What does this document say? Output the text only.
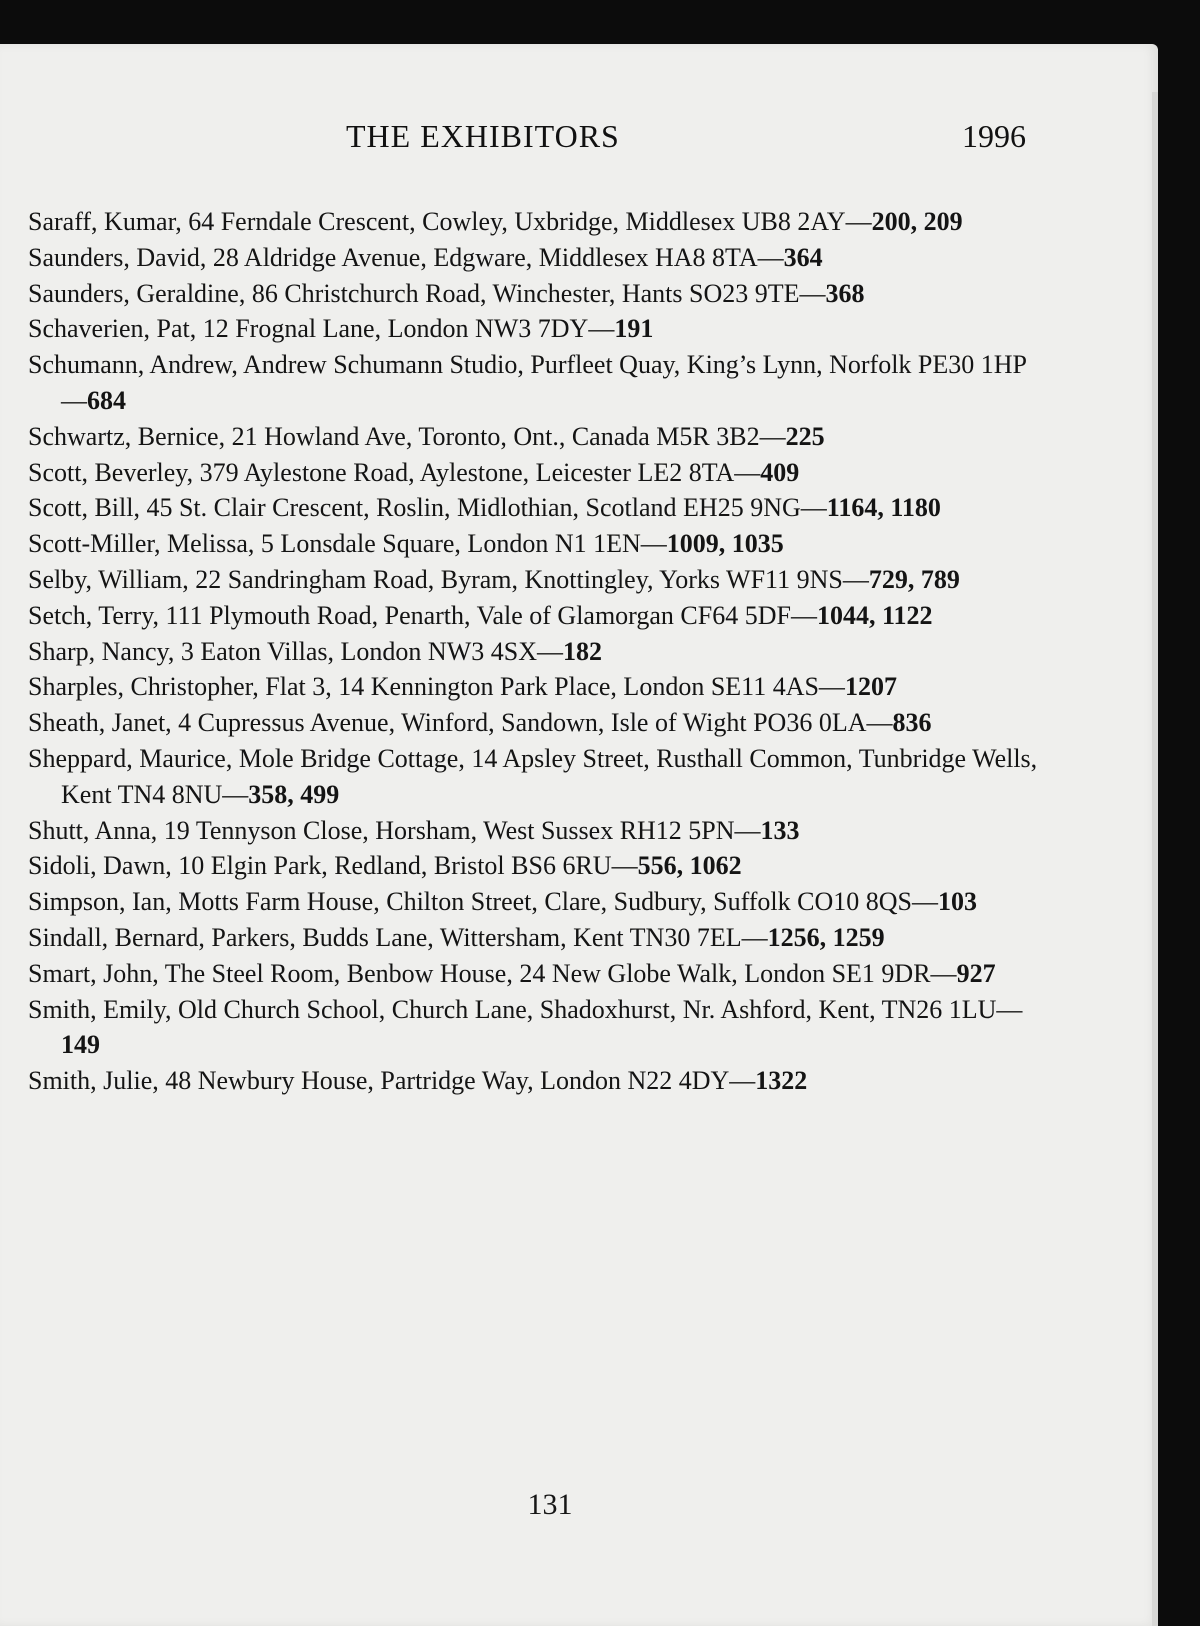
THE EXHIBITORS	1996

Saraff, Kumar, 64 Ferndale Crescent, Cowley, Uxbridge, Middlesex UB8 2AY—200, 209

Saunders, David, 28 Aldridge Avenue, Edgware, Middlesex HA8 8TA—364

Saunders, Geraldine, 86 Christchurch Road, Winchester, Hants SO23 9TE—368

Schaverien, Pat, 12 Frognal Lane, London NW3 7DY—191

Schumann, Andrew, Andrew Schumann Studio, Purfleet Quay, King’s Lynn, Norfolk PE30 1HP—684

Schwartz, Bernice, 21 Howland Ave, Toronto, Ont., Canada M5R 3B2—225

Scott, Beverley, 379 Aylestone Road, Aylestone, Leicester LE2 8TA—409

Scott, Bill, 45 St. Clair Crescent, Roslin, Midlothian, Scotland EH25 9NG—1164, 1180

Scott-Miller, Melissa, 5 Lonsdale Square, London N1 1EN—1009, 1035

Selby, William, 22 Sandringham Road, Byram, Knottingley, Yorks WF11 9NS—729, 789

Setch, Terry, 111 Plymouth Road, Penarth, Vale of Glamorgan CF64 5DF—1044, 1122

Sharp, Nancy, 3 Eaton Villas, London NW3 4SX—182

Sharples, Christopher, Flat 3, 14 Kennington Park Place, London SE11 4AS—1207

Sheath, Janet, 4 Cupressus Avenue, Winford, Sandown, Isle of Wight PO36 0LA—836

Sheppard, Maurice, Mole Bridge Cottage, 14 Apsley Street, Rusthall Common, Tunbridge Wells, Kent TN4 8NU—358, 499

Shutt, Anna, 19 Tennyson Close, Horsham, West Sussex RH12 5PN—133

Sidoli, Dawn, 10 Elgin Park, Redland, Bristol BS6 6RU—556, 1062

Simpson, Ian, Motts Farm House, Chilton Street, Clare, Sudbury, Suffolk CO10 8QS—103

Sindall, Bernard, Parkers, Budds Lane, Wittersham, Kent TN30 7EL—1256, 1259

Smart, John, The Steel Room, Benbow House, 24 New Globe Walk, London SE1 9DR—927

Smith, Emily, Old Church School, Church Lane, Shadoxhurst, Nr. Ashford, Kent, TN26 1LU—149

Smith, Julie, 48 Newbury House, Partridge Way, London N22 4DY—1322

131
